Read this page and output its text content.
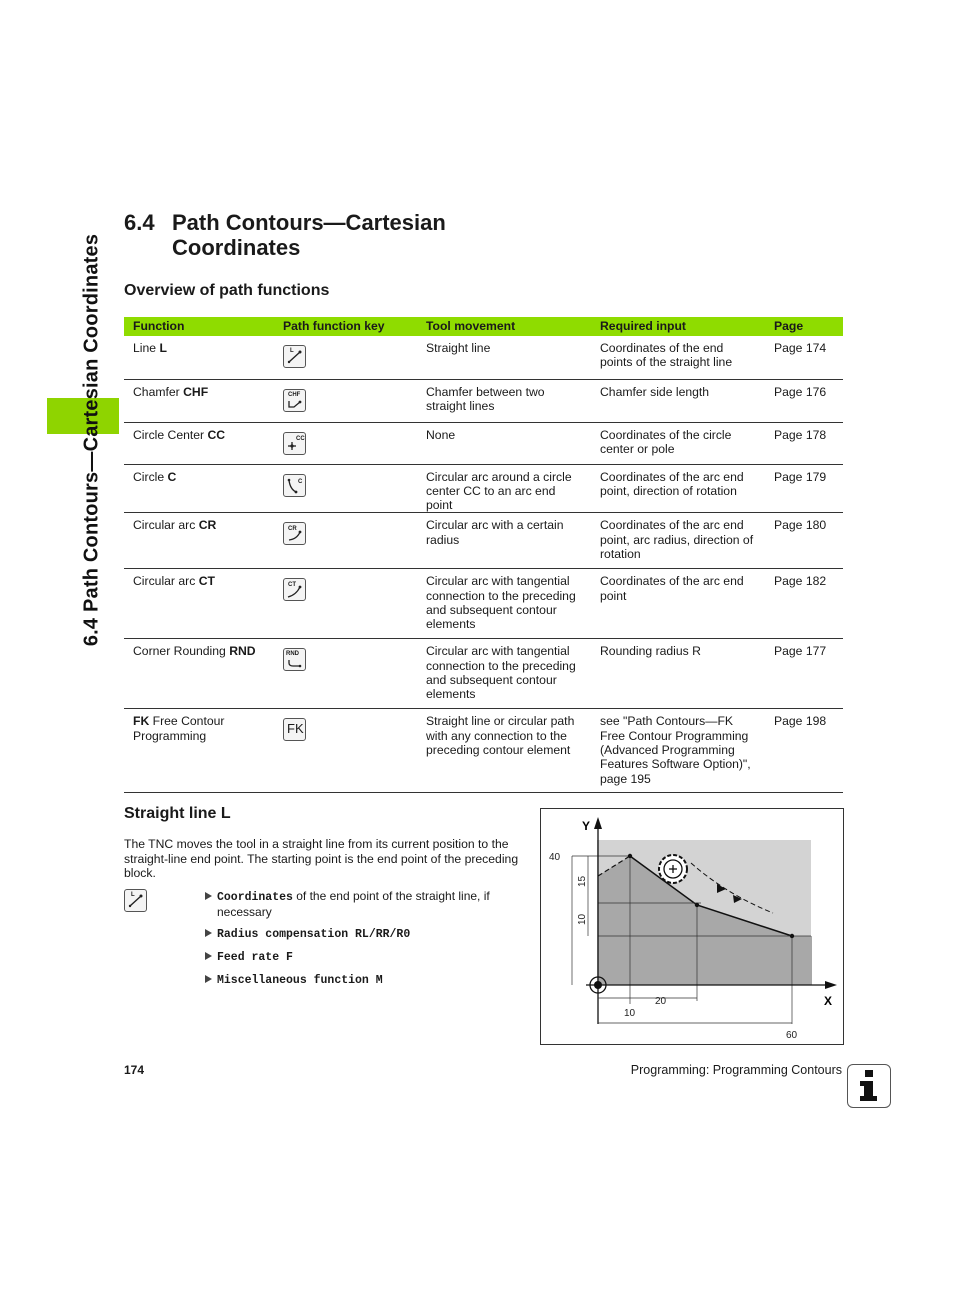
6.4 Path Contours—Cartesian Coordinates
6.4 Path Contours—Cartesian Coordinates
Overview of path functions
Function	Path function key	Tool movement	Required input	Page
Line L	L	Straight line	Coordinates of the end points of the straight line	Page 174
Chamfer CHF	CHF	Chamfer between two straight lines	Chamfer side length	Page 176
Circle Center CC	CC	None	Coordinates of the circle center or pole	Page 178
Circle C	C	Circular arc around a circle center CC to an arc end point	Coordinates of the arc end point, direction of rotation	Page 179
Circular arc CR	CR	Circular arc with a certain radius	Coordinates of the arc end point, arc radius, direction of rotation	Page 180
Circular arc CT	CT	Circular arc with tangential connection to the preceding and subsequent contour elements	Coordinates of the arc end point	Page 182
Corner Rounding RND	RND	Circular arc with tangential connection to the preceding and subsequent contour elements	Rounding radius R	Page 177
FK Free Contour Programming	FK	Straight line or circular path with any connection to the preceding contour element	see "Path Contours—FK Free Contour Programming (Advanced Programming Features Software Option)", page 195	Page 198
Straight line L
The TNC moves the tool in a straight line from its current position to the straight-line end point. The starting point is the end point of the preceding block.
L	Coordinates of the end point of the straight line, if necessary
Radius compensation RL/RR/R0
Feed rate F
Miscellaneous function M
Y
X
40
15
10
20
10
60
174	Programming: Programming Contours
